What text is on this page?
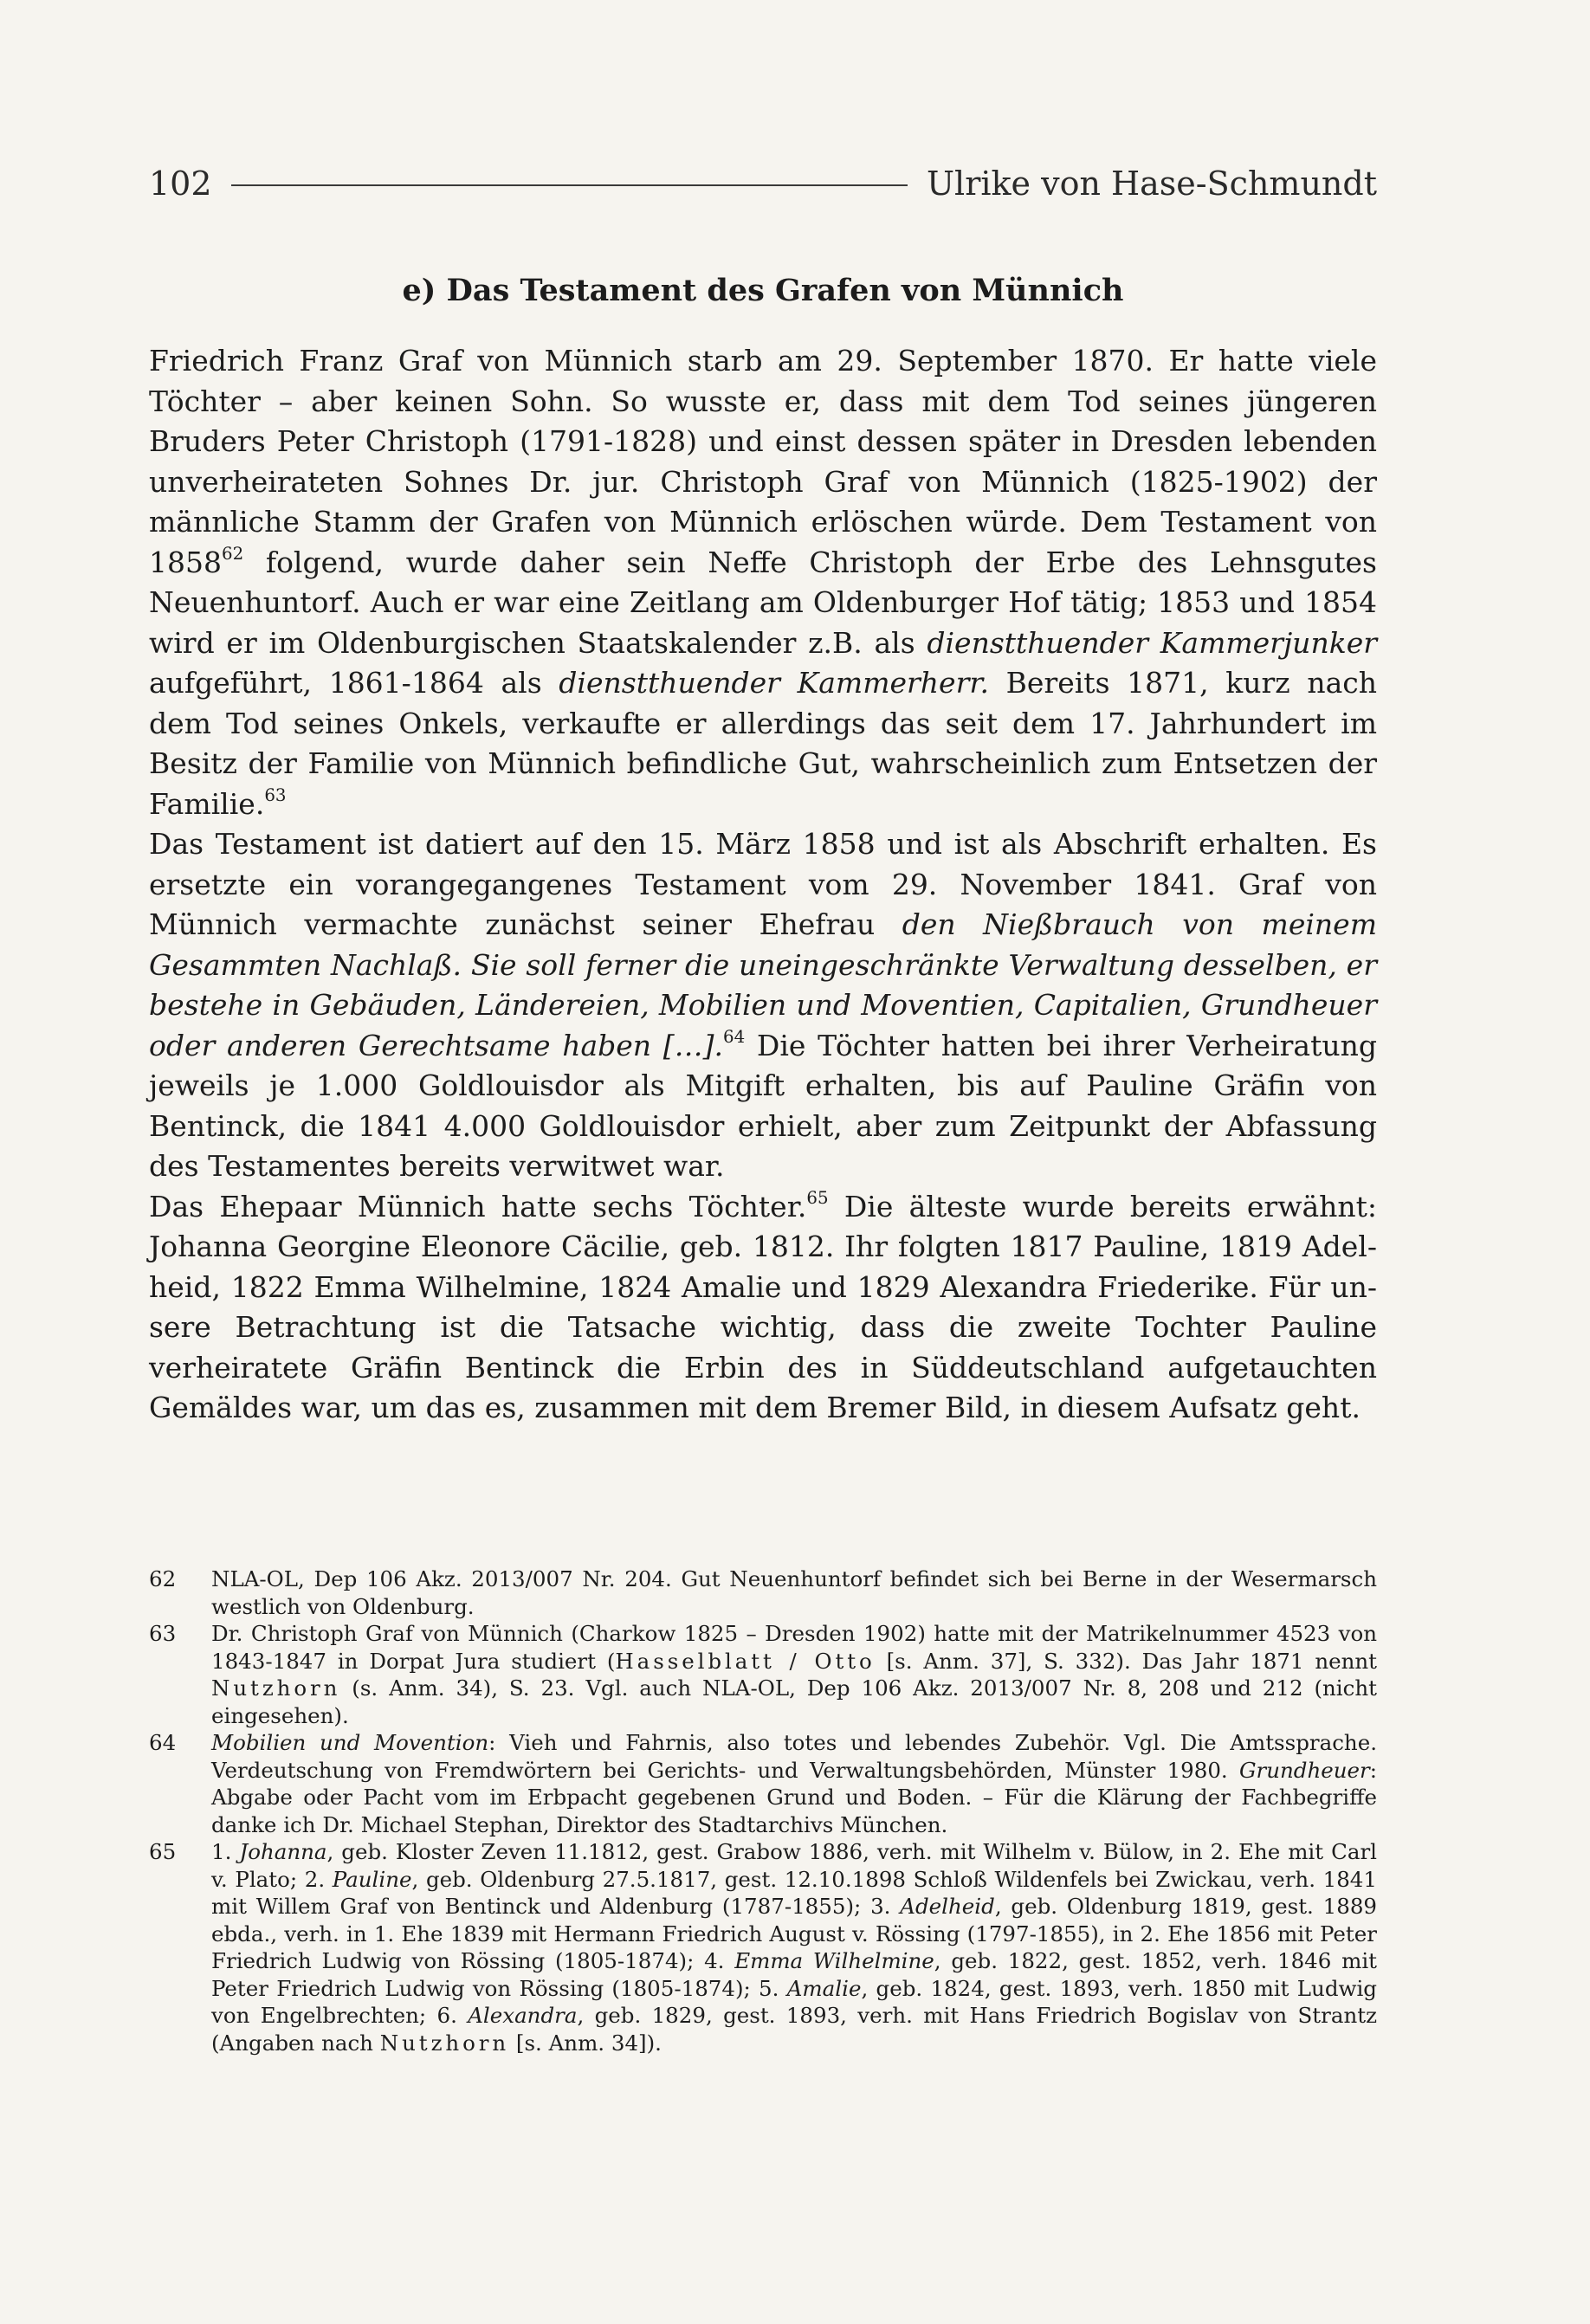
102	Ulrike von Hase-Schmundt
e) Das Testament des Grafen von Münnich

Friedrich Franz Graf von Münnich starb am 29. September 1870. Er hatte viele Töchter – aber keinen Sohn. So wusste er, dass mit dem Tod seines jüngeren Bruders Peter Christoph (1791-1828) und einst dessen später in Dresden lebenden unverheirateten Sohnes Dr. jur. Christoph Graf von Münnich (1825-1902) der männliche Stamm der Grafen von Münnich erlöschen würde. Dem Testament von 1858$^{62}$ folgend, wurde daher sein Neffe Christoph der Erbe des Lehnsgutes Neuenhuntorf. Auch er war eine Zeitlang am Oldenburger Hof tätig; 1853 und 1854 wird er im Oldenburgischen Staatskalender z.B. als dienstthuender Kammerjunker aufgeführt, 1861-1864 als dienstthuender Kammerherr. Bereits 1871, kurz nach dem Tod seines Onkels, verkaufte er allerdings das seit dem 17. Jahrhundert im Besitz der Familie von Münnich befindliche Gut, wahrscheinlich zum Entsetzen der Familie.$^{63}$

Das Testament ist datiert auf den 15. März 1858 und ist als Abschrift erhalten. Es ersetzte ein vorangegangenes Testament vom 29. November 1841. Graf von Münnich vermachte zunächst seiner Ehefrau den Nießbrauch von meinem Gesammten Nachlaß. Sie soll ferner die uneingeschränkte Verwaltung desselben, er bestehe in Gebäuden, Ländereien, Mobilien und Moventien, Capitalien, Grundheuer oder anderen Gerechtsame haben […].$^{64}$ Die Töchter hatten bei ihrer Verheiratung jeweils je 1.000 Goldlouisdor als Mitgift erhalten, bis auf Pauline Gräfin von Bentinck, die 1841 4.000 Goldlouisdor erhielt, aber zum Zeitpunkt der Abfassung des Testamentes bereits verwitwet war.

Das Ehepaar Münnich hatte sechs Töchter.$^{65}$ Die älteste wurde bereits erwähnt: Johanna Georgine Eleonore Cäcilie, geb. 1812. Ihr folgten 1817 Pauline, 1819 Adelheid, 1822 Emma Wilhelmine, 1824 Amalie und 1829 Alexandra Friederike. Für unsere Betrachtung ist die Tatsache wichtig, dass die zweite Tochter Pauline verheiratete Gräfin Bentinck die Erbin des in Süddeutschland aufgetauchten Gemäldes war, um das es, zusammen mit dem Bremer Bild, in diesem Aufsatz geht.

62	NLA-OL, Dep 106 Akz. 2013/007 Nr. 204. Gut Neuenhuntorf befindet sich bei Berne in der Wesermarsch westlich von Oldenburg.
63	Dr. Christoph Graf von Münnich (Charkow 1825 – Dresden 1902) hatte mit der Matrikelnummer 4523 von 1843-1847 in Dorpat Jura studiert (Hasselblatt / Otto [s. Anm. 37], S. 332). Das Jahr 1871 nennt Nutzhorn (s. Anm. 34), S. 23. Vgl. auch NLA-OL, Dep 106 Akz. 2013/007 Nr. 8, 208 und 212 (nicht eingesehen).
64	Mobilien und Movention: Vieh und Fahrnis, also totes und lebendes Zubehör. Vgl. Die Amtssprache. Verdeutschung von Fremdwörtern bei Gerichts- und Verwaltungsbehörden, Münster 1980. Grundheuer: Abgabe oder Pacht vom im Erbpacht gegebenen Grund und Boden. – Für die Klärung der Fachbegriffe danke ich Dr. Michael Stephan, Direktor des Stadtarchivs München.
65	1. Johanna, geb. Kloster Zeven 11.1812, gest. Grabow 1886, verh. mit Wilhelm v. Bülow, in 2. Ehe mit Carl v. Plato; 2. Pauline, geb. Oldenburg 27.5.1817, gest. 12.10.1898 Schloß Wildenfels bei Zwickau, verh. 1841 mit Willem Graf von Bentinck und Aldenburg (1787-1855); 3. Adelheid, geb. Oldenburg 1819, gest. 1889 ebda., verh. in 1. Ehe 1839 mit Hermann Friedrich August v. Rössing (1797-1855), in 2. Ehe 1856 mit Peter Friedrich Ludwig von Rössing (1805-1874); 4. Emma Wilhelmine, geb. 1822, gest. 1852, verh. 1846 mit Peter Friedrich Ludwig von Rössing (1805-1874); 5. Amalie, geb. 1824, gest. 1893, verh. 1850 mit Ludwig von Engelbrechten; 6. Alexandra, geb. 1829, gest. 1893, verh. mit Hans Friedrich Bogislav von Strantz (Angaben nach Nutzhorn [s. Anm. 34]).
